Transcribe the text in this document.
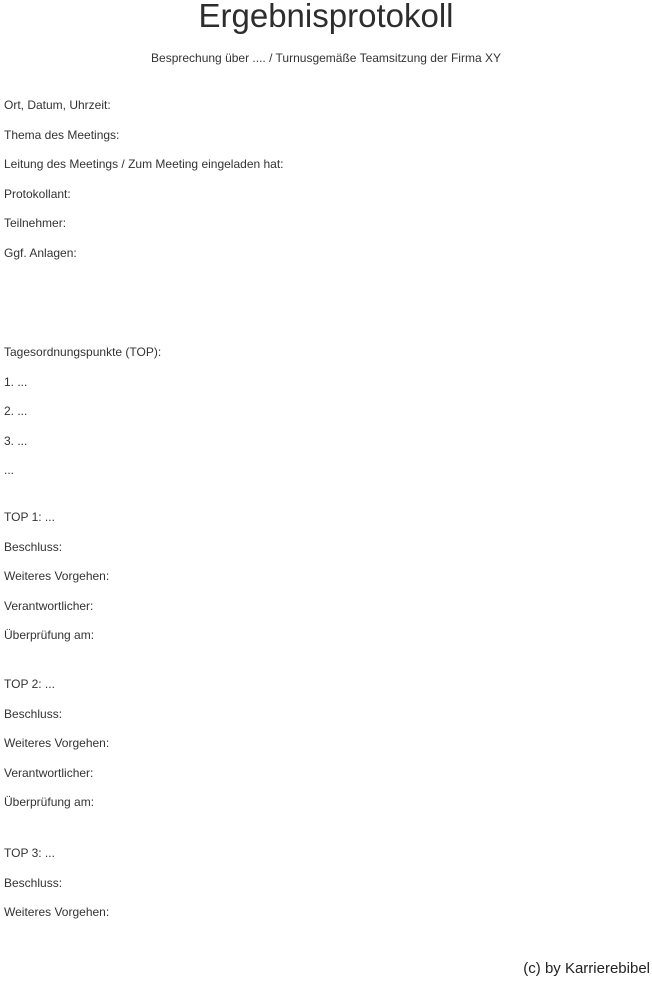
Ergebnisprotokoll
Besprechung über .... / Turnusgemäße Teamsitzung der Firma XY

Ort, Datum, Uhrzeit:

Thema des Meetings:

Leitung des Meetings / Zum Meeting eingeladen hat:

Protokollant:

Teilnehmer:

Ggf. Anlagen:

Tagesordnungspunkte (TOP):

1. ...

2. ...

3. ...

...

TOP 1: ...

Beschluss:

Weiteres Vorgehen:

Verantwortlicher:

Überprüfung am:

TOP 2: ...

Beschluss:

Weiteres Vorgehen:

Verantwortlicher:

Überprüfung am:

TOP 3: ...

Beschluss:

Weiteres Vorgehen:

(c) by Karrierebibel
